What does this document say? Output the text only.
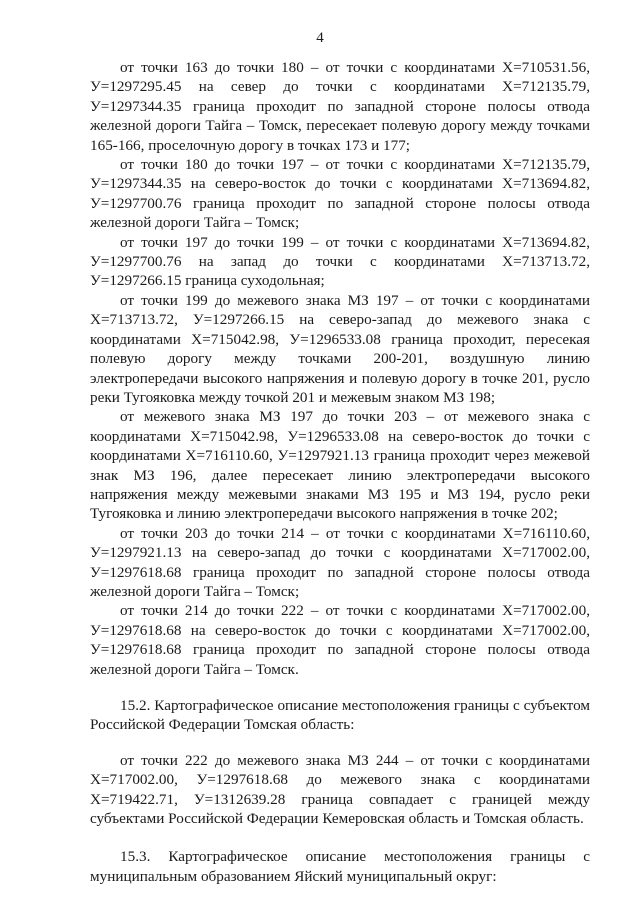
4

от точки 163 до точки 180 – от точки с координатами Х=710531.56, У=1297295.45 на север до точки с координатами Х=712135.79, У=1297344.35 граница проходит по западной стороне полосы отвода железной дороги Тайга – Томск, пересекает полевую дорогу между точками 165-166, проселочную дорогу в точках 173 и 177;

от точки 180 до точки 197 – от точки с координатами Х=712135.79, У=1297344.35 на северо-восток до точки с координатами Х=713694.82, У=1297700.76 граница проходит по западной стороне полосы отвода железной дороги Тайга – Томск;

от точки 197 до точки 199 – от точки с координатами Х=713694.82, У=1297700.76 на запад до точки с координатами Х=713713.72, У=1297266.15 граница суходольная;

от точки 199 до межевого знака МЗ 197 – от точки с координатами Х=713713.72, У=1297266.15 на северо-запад до межевого знака с координатами Х=715042.98, У=1296533.08 граница проходит, пересекая полевую дорогу между точками 200-201, воздушную линию электропередачи высокого напряжения и полевую дорогу в точке 201, русло реки Тугояковка между точкой 201 и межевым знаком МЗ 198;

от межевого знака МЗ 197 до точки 203 – от межевого знака с координатами Х=715042.98, У=1296533.08 на северо-восток до точки с координатами Х=716110.60, У=1297921.13 граница проходит через межевой знак МЗ 196, далее пересекает линию электропередачи высокого напряжения между межевыми знаками МЗ 195 и МЗ 194, русло реки Тугояковка и линию электропередачи высокого напряжения в точке 202;

от точки 203 до точки 214 – от точки с координатами Х=716110.60, У=1297921.13 на северо-запад до точки с координатами Х=717002.00, У=1297618.68 граница проходит по западной стороне полосы отвода железной дороги Тайга – Томск;

от точки 214 до точки 222 – от точки с координатами Х=717002.00, У=1297618.68 на северо-восток до точки с координатами Х=717002.00, У=1297618.68 граница проходит по западной стороне полосы отвода железной дороги Тайга – Томск.

15.2. Картографическое описание местоположения границы с субъектом Российской Федерации Томская область:

от точки 222 до межевого знака МЗ 244 – от точки с координатами Х=717002.00, У=1297618.68 до межевого знака с координатами Х=719422.71, У=1312639.28 граница совпадает с границей между субъектами Российской Федерации Кемеровская область и Томская область.

15.3. Картографическое описание местоположения границы с муниципальным образованием Яйский муниципальный округ:
